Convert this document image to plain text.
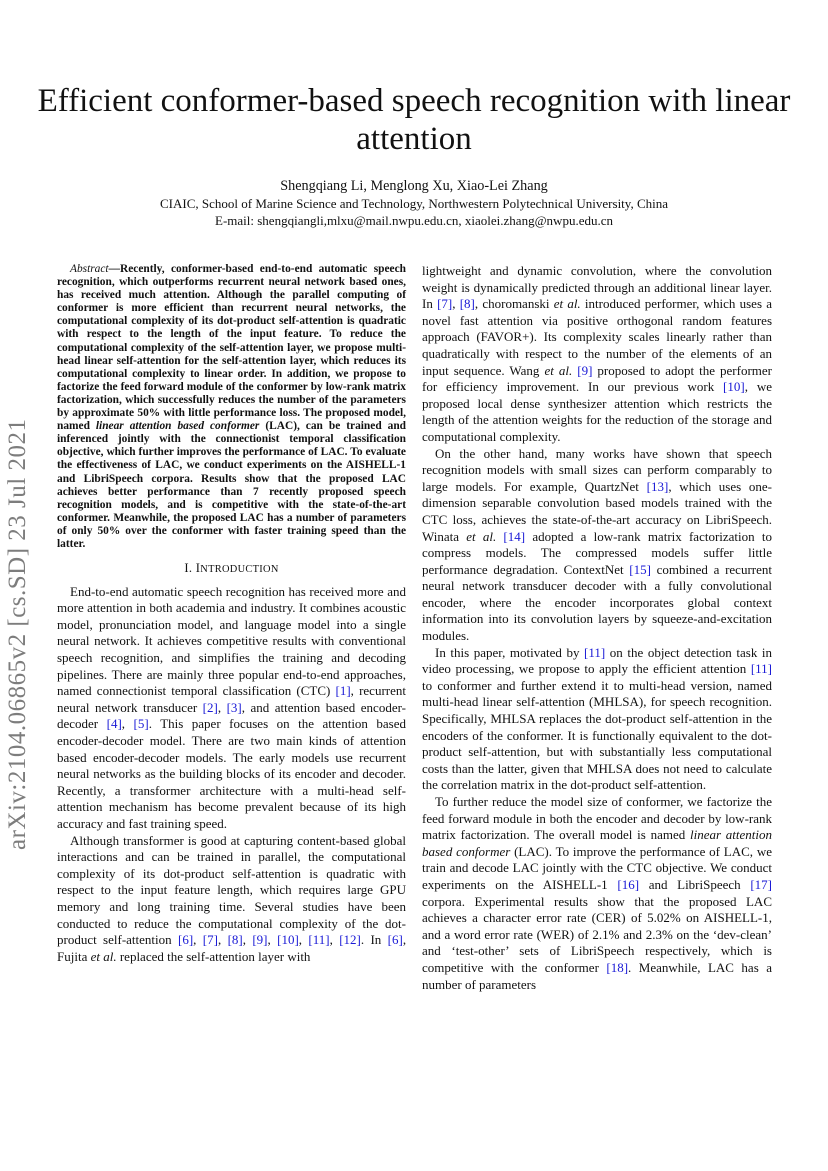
arXiv:2104.06865v2 [cs.SD] 23 Jul 2021
Efficient conformer-based speech recognition with linear attention
Shengqiang Li, Menglong Xu, Xiao-Lei Zhang
CIAIC, School of Marine Science and Technology, Northwestern Polytechnical University, China
E-mail: shengqiangli,mlxu@mail.nwpu.edu.cn, xiaolei.zhang@nwpu.edu.cn

Abstract—Recently, conformer-based end-to-end automatic speech recognition, which outperforms recurrent neural network based ones, has received much attention. Although the parallel computing of conformer is more efficient than recurrent neural networks, the computational complexity of its dot-product self-attention is quadratic with respect to the length of the input feature. To reduce the computational complexity of the self-attention layer, we propose multi-head linear self-attention for the self-attention layer, which reduces its computational complexity to linear order. In addition, we propose to factorize the feed forward module of the conformer by low-rank matrix factorization, which successfully reduces the number of the parameters by approximate 50% with little performance loss. The proposed model, named linear attention based conformer (LAC), can be trained and inferenced jointly with the connectionist temporal classification objective, which further improves the performance of LAC. To evaluate the effectiveness of LAC, we conduct experiments on the AISHELL-1 and LibriSpeech corpora. Results show that the proposed LAC achieves better performance than 7 recently proposed speech recognition models, and is competitive with the state-of-the-art conformer. Meanwhile, the proposed LAC has a number of parameters of only 50% over the conformer with faster training speed than the latter.

I. INTRODUCTION

End-to-end automatic speech recognition has received more and more attention in both academia and industry. It combines acoustic model, pronunciation model, and language model into a single neural network. It achieves competitive results with conventional speech recognition, and simplifies the training and decoding pipelines. There are mainly three popular end-to-end approaches, named connectionist temporal classification (CTC) [1], recurrent neural network transducer [2], [3], and attention based encoder-decoder [4], [5]. This paper focuses on the attention based encoder-decoder model. There are two main kinds of attention based encoder-decoder models. The early models use recurrent neural networks as the building blocks of its encoder and decoder. Recently, a transformer architecture with a multi-head self-attention mechanism has become prevalent because of its high accuracy and fast training speed.

Although transformer is good at capturing content-based global interactions and can be trained in parallel, the computational complexity of its dot-product self-attention is quadratic with respect to the input feature length, which requires large GPU memory and long training time. Several studies have been conducted to reduce the computational complexity of the dot-product self-attention [6], [7], [8], [9], [10], [11], [12]. In [6], Fujita et al. replaced the self-attention layer with

lightweight and dynamic convolution, where the convolution weight is dynamically predicted through an additional linear layer. In [7], [8], choromanski et al. introduced performer, which uses a novel fast attention via positive orthogonal random features approach (FAVOR+). Its complexity scales linearly rather than quadratically with respect to the number of the elements of an input sequence. Wang et al. [9] proposed to adopt the performer for efficiency improvement. In our previous work [10], we proposed local dense synthesizer attention which restricts the length of the attention weights for the reduction of the storage and computational complexity.

On the other hand, many works have shown that speech recognition models with small sizes can perform comparably to large models. For example, QuartzNet [13], which uses one-dimension separable convolution based models trained with the CTC loss, achieves the state-of-the-art accuracy on LibriSpeech. Winata et al. [14] adopted a low-rank matrix factorization to compress models. The compressed models suffer little performance degradation. ContextNet [15] combined a recurrent neural network transducer decoder with a fully convolutional encoder, where the encoder incorporates global context information into its convolution layers by squeeze-and-excitation modules.

In this paper, motivated by [11] on the object detection task in video processing, we propose to apply the efficient attention [11] to conformer and further extend it to multi-head version, named multi-head linear self-attention (MHLSA), for speech recognition. Specifically, MHLSA replaces the dot-product self-attention in the encoders of the conformer. It is functionally equivalent to the dot-product self-attention, but with substantially less computational costs than the latter, given that MHLSA does not need to calculate the correlation matrix in the dot-product self-attention.

To further reduce the model size of conformer, we factorize the feed forward module in both the encoder and decoder by low-rank matrix factorization. The overall model is named linear attention based conformer (LAC). To improve the performance of LAC, we train and decode LAC jointly with the CTC objective. We conduct experiments on the AISHELL-1 [16] and LibriSpeech [17] corpora. Experimental results show that the proposed LAC achieves a character error rate (CER) of 5.02% on AISHELL-1, and a word error rate (WER) of 2.1% and 2.3% on the ‘dev-clean’ and ‘test-other’ sets of LibriSpeech respectively, which is competitive with the conformer [18]. Meanwhile, LAC has a number of parameters
